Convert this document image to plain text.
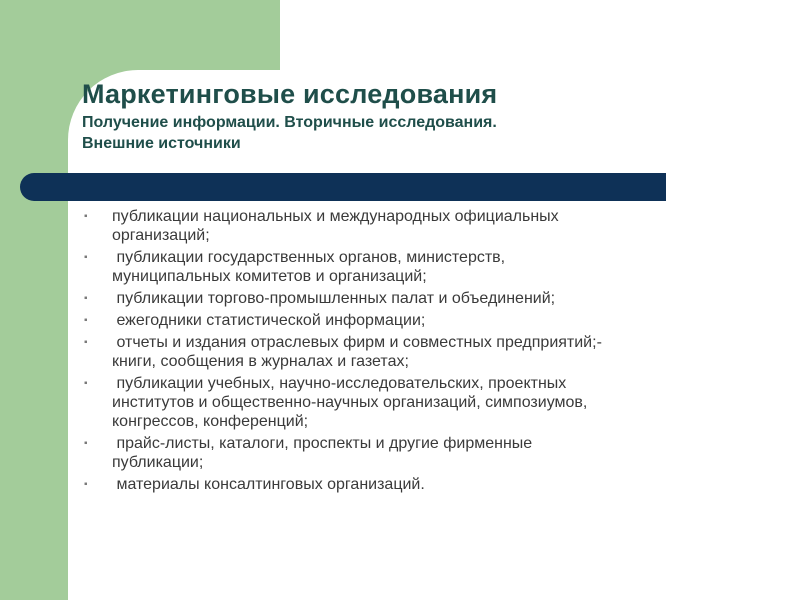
Маркетинговые исследования

Получение информации. Вторичные исследования.
Внешние источники

▪ публикации национальных и международных официальных
организаций;
▪ публикации государственных органов, министерств,
муниципальных комитетов и организаций;
▪ публикации торгово-промышленных палат и объединений;
▪ ежегодники статистической информации;
▪ отчеты и издания отраслевых фирм и совместных предприятий;-
книги, сообщения в журналах и газетах;
▪ публикации учебных, научно-исследовательских, проектных
институтов и общественно-научных организаций, симпозиумов,
конгрессов, конференций;
▪ прайс-листы, каталоги, проспекты и другие фирменные
публикации;
▪ материалы консалтинговых организаций.
